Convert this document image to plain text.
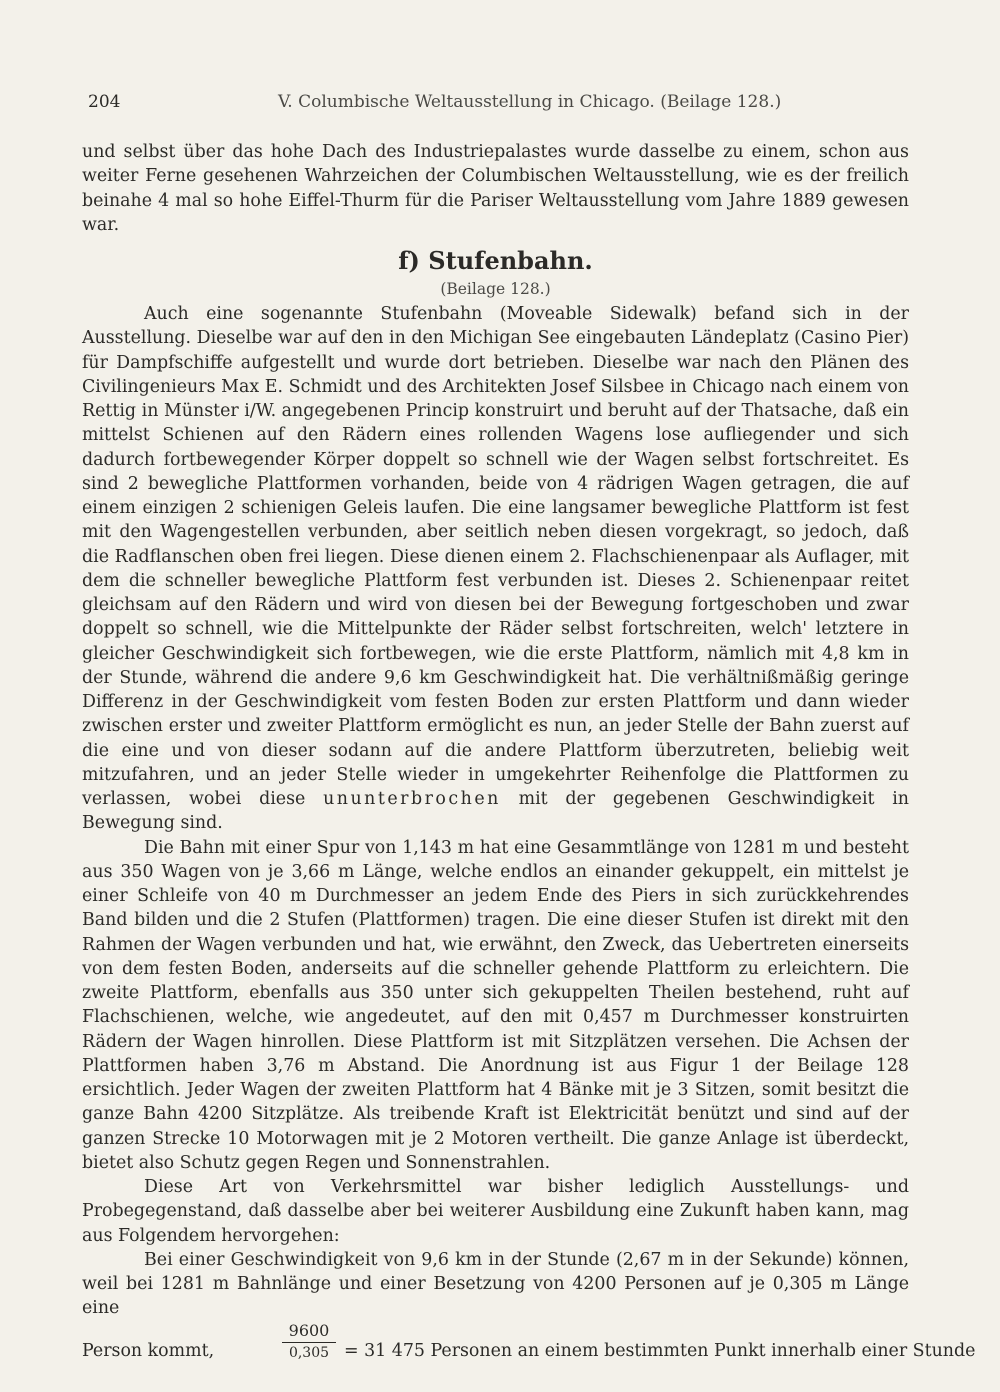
204	V. Columbische Weltausstellung in Chicago. (Beilage 128.)

und selbst über das hohe Dach des Industriepalastes wurde dasselbe zu einem, schon aus weiter Ferne gesehenen Wahrzeichen der Columbischen Weltausstellung, wie es der freilich beinahe 4 mal so hohe Eiffel-Thurm für die Pariser Weltausstellung vom Jahre 1889 gewesen war.

f) Stufenbahn.
(Beilage 128.)

Auch eine sogenannte Stufenbahn (Moveable Sidewalk) befand sich in der Ausstellung. Dieselbe war auf den in den Michigan See eingebauten Ländeplatz (Casino Pier) für Dampfschiffe aufgestellt und wurde dort betrieben. Dieselbe war nach den Plänen des Civilingenieurs Max E. Schmidt und des Architekten Josef Silsbee in Chicago nach einem von Rettig in Münster i/W. angegebenen Princip konstruirt und beruht auf der Thatsache, daß ein mittelst Schienen auf den Rädern eines rollenden Wagens lose aufliegender und sich dadurch fortbewegender Körper doppelt so schnell wie der Wagen selbst fortschreitet. Es sind 2 bewegliche Plattformen vorhanden, beide von 4 rädrigen Wagen getragen, die auf einem einzigen 2 schienigen Geleis laufen. Die eine langsamer bewegliche Plattform ist fest mit den Wagengestellen verbunden, aber seitlich neben diesen vorgekragt, so jedoch, daß die Radflanschen oben frei liegen. Diese dienen einem 2. Flachschienenpaar als Auflager, mit dem die schneller bewegliche Plattform fest verbunden ist. Dieses 2. Schienenpaar reitet gleichsam auf den Rädern und wird von diesen bei der Bewegung fortgeschoben und zwar doppelt so schnell, wie die Mittelpunkte der Räder selbst fortschreiten, welch' letztere in gleicher Geschwindigkeit sich fortbewegen, wie die erste Plattform, nämlich mit 4,8 km in der Stunde, während die andere 9,6 km Geschwindigkeit hat. Die verhältnißmäßig geringe Differenz in der Geschwindigkeit vom festen Boden zur ersten Plattform und dann wieder zwischen erster und zweiter Plattform ermöglicht es nun, an jeder Stelle der Bahn zuerst auf die eine und von dieser sodann auf die andere Plattform überzutreten, beliebig weit mitzufahren, und an jeder Stelle wieder in umgekehrter Reihenfolge die Plattformen zu verlassen, wobei diese ununterbrochen mit der gegebenen Geschwindigkeit in Bewegung sind.

Die Bahn mit einer Spur von 1,143 m hat eine Gesammtlänge von 1281 m und besteht aus 350 Wagen von je 3,66 m Länge, welche endlos an einander gekuppelt, ein mittelst je einer Schleife von 40 m Durchmesser an jedem Ende des Piers in sich zurückkehrendes Band bilden und die 2 Stufen (Plattformen) tragen. Die eine dieser Stufen ist direkt mit den Rahmen der Wagen verbunden und hat, wie erwähnt, den Zweck, das Uebertreten einerseits von dem festen Boden, anderseits auf die schneller gehende Plattform zu erleichtern. Die zweite Plattform, ebenfalls aus 350 unter sich gekuppelten Theilen bestehend, ruht auf Flachschienen, welche, wie angedeutet, auf den mit 0,457 m Durchmesser konstruirten Rädern der Wagen hinrollen. Diese Plattform ist mit Sitzplätzen versehen. Die Achsen der Plattformen haben 3,76 m Abstand. Die Anordnung ist aus Figur 1 der Beilage 128 ersichtlich. Jeder Wagen der zweiten Plattform hat 4 Bänke mit je 3 Sitzen, somit besitzt die ganze Bahn 4200 Sitzplätze. Als treibende Kraft ist Elektricität benützt und sind auf der ganzen Strecke 10 Motorwagen mit je 2 Motoren vertheilt. Die ganze Anlage ist überdeckt, bietet also Schutz gegen Regen und Sonnenstrahlen.

Diese Art von Verkehrsmittel war bisher lediglich Ausstellungs- und Probegegenstand, daß dasselbe aber bei weiterer Ausbildung eine Zukunft haben kann, mag aus Folgendem hervorgehen:

Bei einer Geschwindigkeit von 9,6 km in der Stunde (2,67 m in der Sekunde) können, weil bei 1281 m Bahnlänge und einer Besetzung von 4200 Personen auf je 0,305 m Länge eine

Person kommt,
9600
0,305 = 31 475 Personen an einem bestimmten Punkt innerhalb einer Stunde
